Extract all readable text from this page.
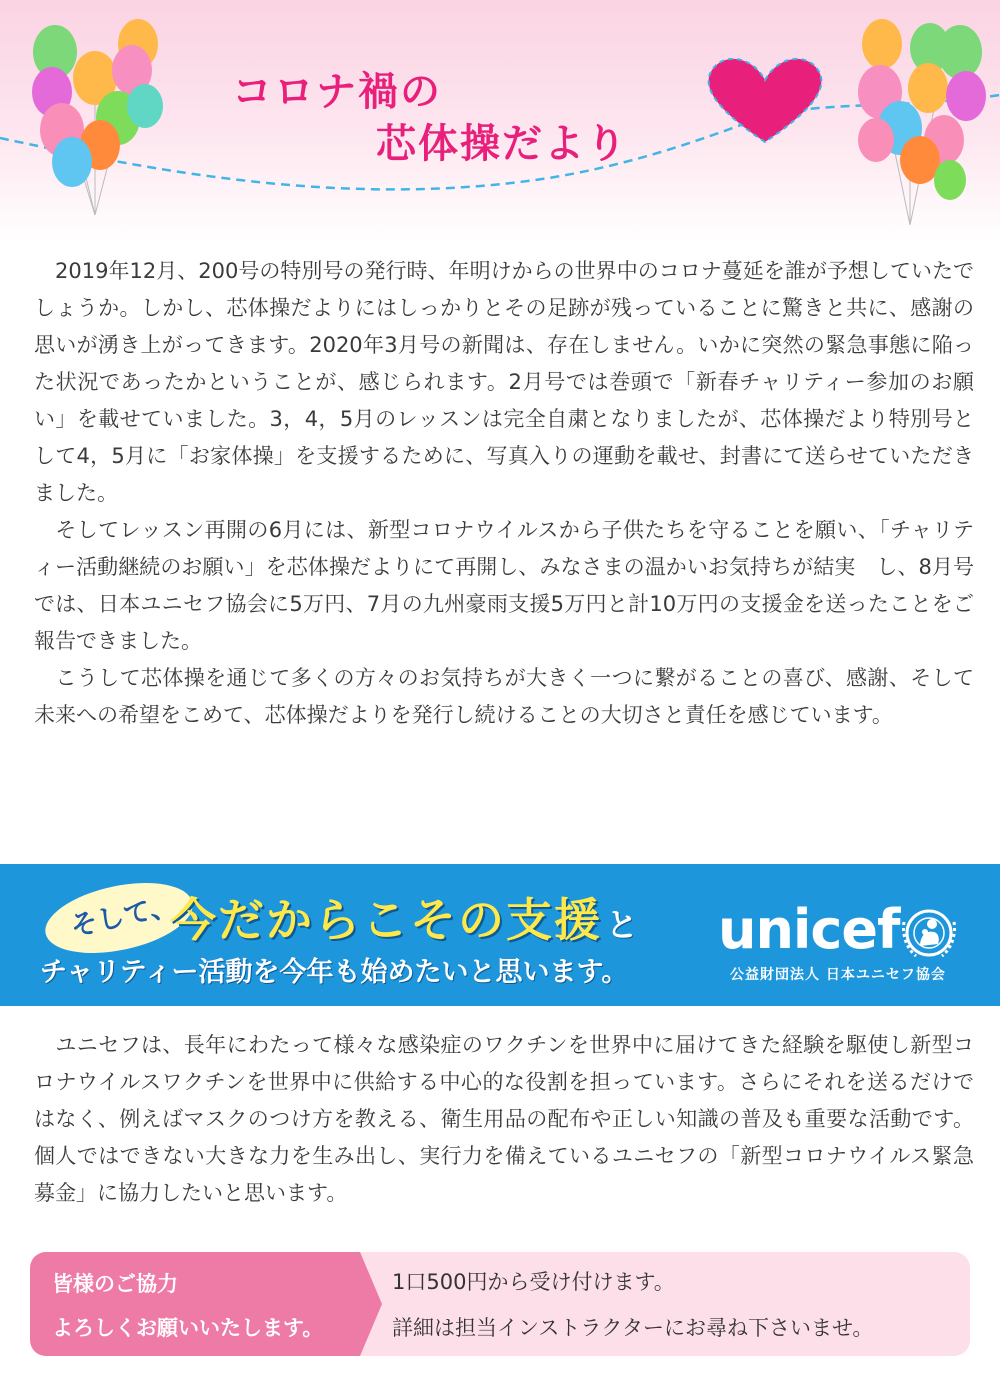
コロナ禍の
芯体操だより
　2019年12月、200号の特別号の発行時、年明けからの世界中のコロナ蔓延を誰が予想していたでしょうか。しかし、芯体操だよりにはしっかりとその足跡が残っていることに驚きと共に、感謝の思いが湧き上がってきます。2020年3月号の新聞は、存在しません。いかに突然の緊急事態に陥った状況であったかということが、感じられます。2月号では巻頭で「新春チャリティー参加のお願い」を載せていました。3，4，5月のレッスンは完全自粛となりましたが、芯体操だより特別号として4，5月に「お家体操」を支援するために、写真入りの運動を載せ、封書にて送らせていただきました。
　そしてレッスン再開の6月には、新型コロナウイルスから子供たちを守ることを願い、「チャリティー活動継続のお願い」を芯体操だよりにて再開し、みなさまの温かいお気持ちが結実　し、8月号では、日本ユニセフ協会に5万円、7月の九州豪雨支援5万円と計10万円の支援金を送ったことをご報告できました。
　こうして芯体操を通じて多くの方々のお気持ちが大きく一つに繋がることの喜び、感謝、そして未来への希望をこめて、芯体操だよりを発行し続けることの大切さと責任を感じています。
そして、
今だからこその支援 と
チャリティー活動を今年も始めたいと思います。
unicef
公益財団法人 日本ユニセフ協会
　ユニセフは、長年にわたって様々な感染症のワクチンを世界中に届けてきた経験を駆使し新型コロナウイルスワクチンを世界中に供給する中心的な役割を担っています。さらにそれを送るだけではなく、例えばマスクのつけ方を教える、衛生用品の配布や正しい知識の普及も重要な活動です。個人ではできない大きな力を生み出し、実行力を備えているユニセフの「新型コロナウイルス緊急募金」に協力したいと思います。
皆様のご協力
よろしくお願いいたします。
1口500円から受け付けます。
詳細は担当インストラクターにお尋ね下さいませ。
